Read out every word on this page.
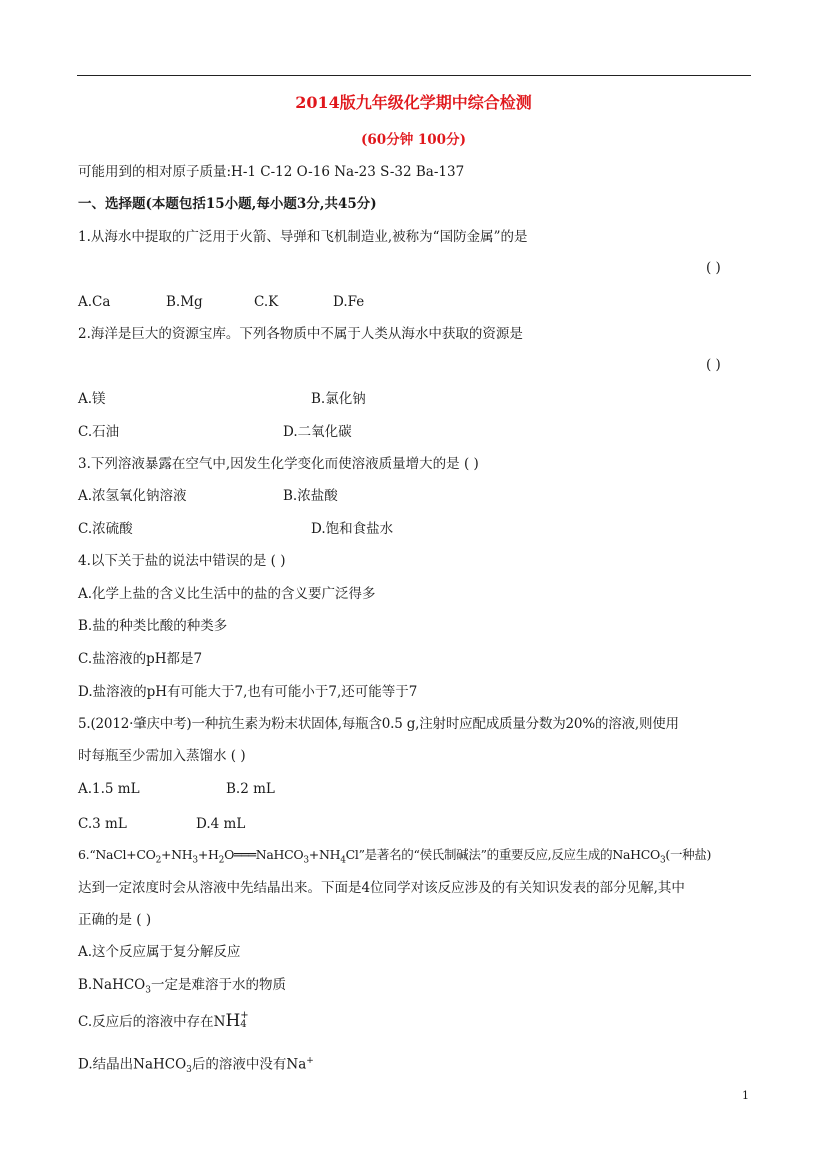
2014版九年级化学期中综合检测
(60分钟 100分)
可能用到的相对原子质量:H-1 C-12 O-16 Na-23 S-32 Ba-137
一、选择题(本题包括15小题,每小题3分,共45分)
1.从海水中提取的广泛用于火箭、导弹和飞机制造业,被称为“国防金属”的是
( )
A.Ca	B.Mg	C.K	D.Fe
2.海洋是巨大的资源宝库。下列各物质中不属于人类从海水中获取的资源是
( )
A.镁	B.氯化钠
C.石油	D.二氧化碳
3.下列溶液暴露在空气中,因发生化学变化而使溶液质量增大的是 ( )
A.浓氢氧化钠溶液	B.浓盐酸
C.浓硫酸	D.饱和食盐水
4.以下关于盐的说法中错误的是 ( )
A.化学上盐的含义比生活中的盐的含义要广泛得多
B.盐的种类比酸的种类多
C.盐溶液的pH都是7
D.盐溶液的pH有可能大于7,也有可能小于7,还可能等于7
5.(2012·肇庆中考)一种抗生素为粉末状固体,每瓶含0.5 g,注射时应配成质量分数为20%的溶液,则使用
时每瓶至少需加入蒸馏水 ( )
A.1.5 mL	B.2 mL
C.3 mL	D.4 mL
$6.“NaCl+CO_2+NH_3+H_2O═══NaHCO_3+NH_4Cl$”是著名的“侯氏制碱法”的重要反应,反应生成的NaHCO$_3$(一种盐)
达到一定浓度时会从溶液中先结晶出来。下面是4位同学对该反应涉及的有关知识发表的部分见解,其中
正确的是 ( )
A.这个反应属于复分解反应
B.NaHCO$_3$一定是难溶于水的物质
C.反应后的溶液中存在NH+
4
D.结晶出NaHCO$_3$后的溶液中没有Na+
1
